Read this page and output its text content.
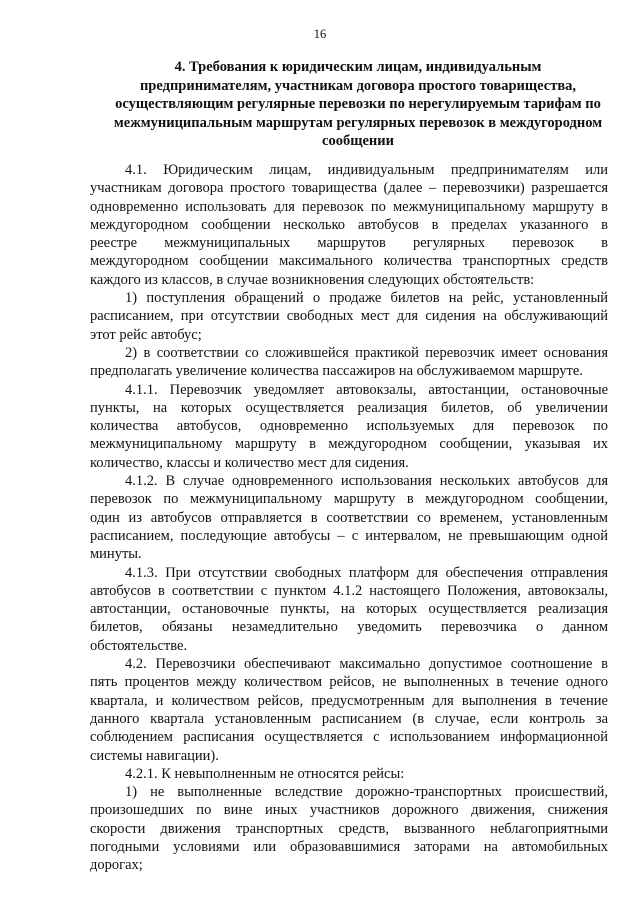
16
4. Требования к юридическим лицам, индивидуальным
предпринимателям, участникам договора простого товарищества,
осуществляющим регулярные перевозки по нерегулируемым тарифам по
межмуниципальным маршрутам регулярных перевозок в междугородном
сообщении
4.1. Юридическим лицам, индивидуальным предпринимателям или
участникам договора простого товарищества (далее – перевозчики) разрешается
одновременно использовать для перевозок по межмуниципальному маршруту в
междугородном сообщении несколько автобусов в пределах указанного в
реестре межмуниципальных маршрутов регулярных перевозок в
междугородном сообщении максимального количества транспортных средств
каждого из классов, в случае возникновения следующих обстоятельств:
1) поступления обращений о продаже билетов на рейс, установленный
расписанием, при отсутствии свободных мест для сидения на обслуживающий
этот рейс автобус;
2) в соответствии со сложившейся практикой перевозчик имеет основания
предполагать увеличение количества пассажиров на обслуживаемом маршруте.
4.1.1. Перевозчик уведомляет автовокзалы, автостанции, остановочные
пункты, на которых осуществляется реализация билетов, об увеличении
количества автобусов, одновременно используемых для перевозок по
межмуниципальному маршруту в междугородном сообщении, указывая их
количество, классы и количество мест для сидения.
4.1.2. В случае одновременного использования нескольких автобусов для
перевозок по межмуниципальному маршруту в междугородном сообщении,
один из автобусов отправляется в соответствии со временем, установленным
расписанием, последующие автобусы – с интервалом, не превышающим одной
минуты.
4.1.3. При отсутствии свободных платформ для обеспечения отправления
автобусов в соответствии с пунктом 4.1.2 настоящего Положения, автовокзалы,
автостанции, остановочные пункты, на которых осуществляется реализация
билетов, обязаны незамедлительно уведомить перевозчика о данном
обстоятельстве.
4.2. Перевозчики обеспечивают максимально допустимое соотношение в
пять процентов между количеством рейсов, не выполненных в течение одного
квартала, и количеством рейсов, предусмотренным для выполнения в течение
данного квартала установленным расписанием (в случае, если контроль за
соблюдением расписания осуществляется с использованием информационной
системы навигации).
4.2.1. К невыполненным не относятся рейсы:
1) не выполненные вследствие дорожно-транспортных происшествий,
произошедших по вине иных участников дорожного движения, снижения
скорости движения транспортных средств, вызванного неблагоприятными
погодными условиями или образовавшимися заторами на автомобильных
дорогах;
